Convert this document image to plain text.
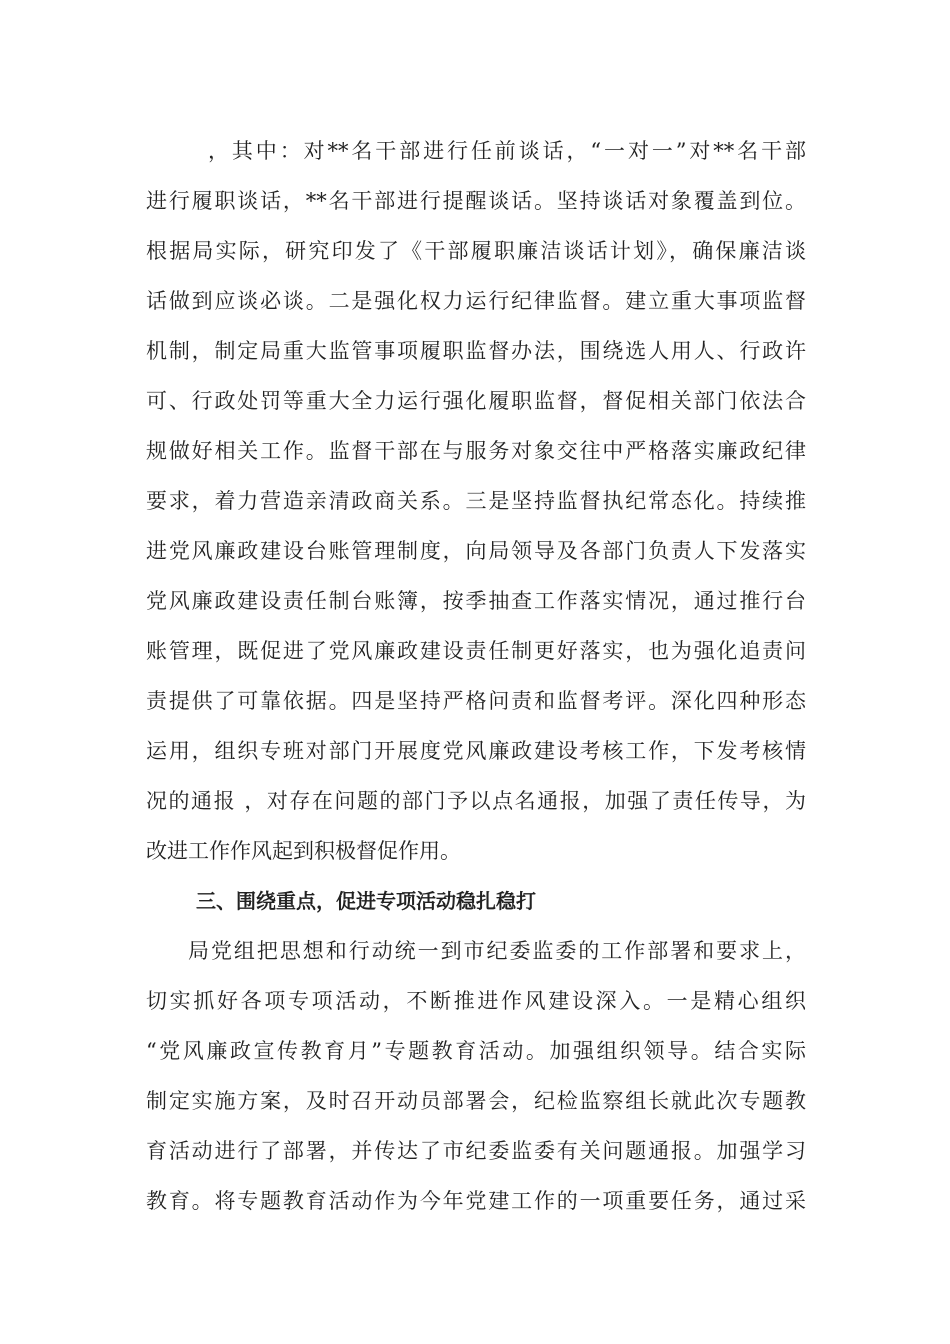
，其中：对**名干部进行任前谈话，“一对一”对**名干部
进行履职谈话，**名干部进行提醒谈话。坚持谈话对象覆盖到位。
根据局实际，研究印发了《干部履职廉洁谈话计划》，确保廉洁谈
话做到应谈必谈。二是强化权力运行纪律监督。建立重大事项监督
机制，制定局重大监管事项履职监督办法，围绕选人用人、行政许
可、行政处罚等重大全力运行强化履职监督，督促相关部门依法合
规做好相关工作。监督干部在与服务对象交往中严格落实廉政纪律
要求，着力营造亲清政商关系。三是坚持监督执纪常态化。持续推
进党风廉政建设台账管理制度，向局领导及各部门负责人下发落实
党风廉政建设责任制台账簿，按季抽查工作落实情况，通过推行台
账管理，既促进了党风廉政建设责任制更好落实，也为强化追责问
责提供了可靠依据。四是坚持严格问责和监督考评。深化四种形态
运用，组织专班对部门开展度党风廉政建设考核工作，下发考核情
况的通报 ，对存在问题的部门予以点名通报，加强了责任传导，为
改进工作作风起到积极督促作用。
三、围绕重点，促进专项活动稳扎稳打
局党组把思想和行动统一到市纪委监委的工作部署和要求上，
切实抓好各项专项活动，不断推进作风建设深入。一是精心组织
“党风廉政宣传教育月”专题教育活动。加强组织领导。结合实际
制定实施方案，及时召开动员部署会，纪检监察组长就此次专题教
育活动进行了部署，并传达了市纪委监委有关问题通报。加强学习
教育。将专题教育活动作为今年党建工作的一项重要任务，通过采
